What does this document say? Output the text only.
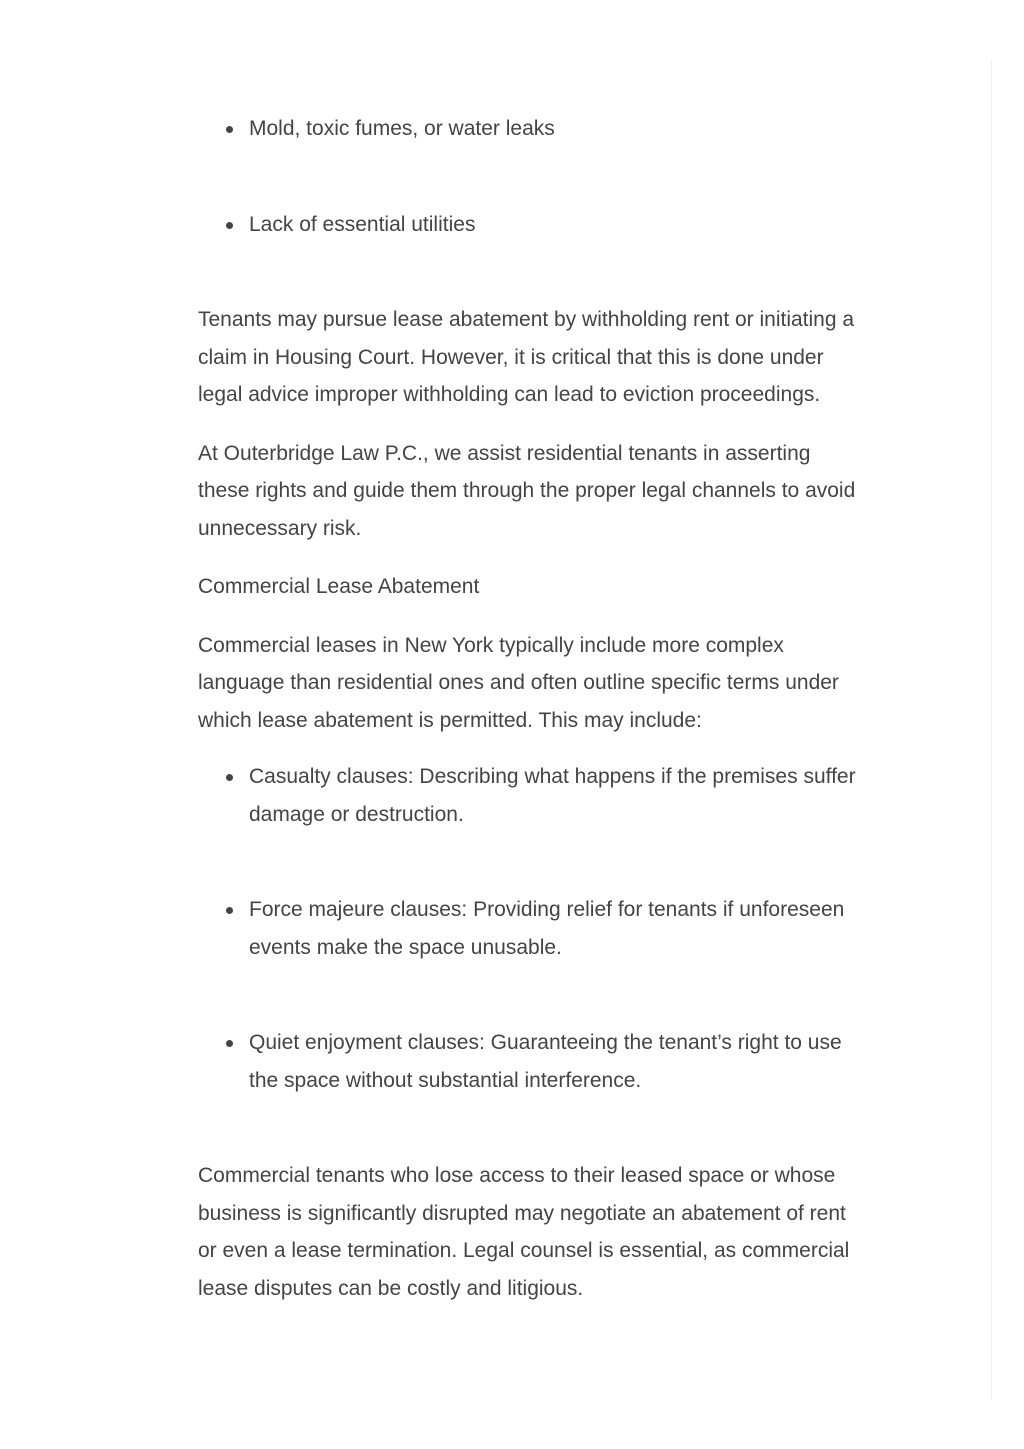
Mold, toxic fumes, or water leaks
Lack of essential utilities

Tenants may pursue lease abatement by withholding rent or initiating a claim in Housing Court. However, it is critical that this is done under legal advice improper withholding can lead to eviction proceedings.

At Outerbridge Law P.C., we assist residential tenants in asserting these rights and guide them through the proper legal channels to avoid unnecessary risk.

Commercial Lease Abatement

Commercial leases in New York typically include more complex language than residential ones and often outline specific terms under which lease abatement is permitted. This may include:

Casualty clauses: Describing what happens if the premises suffer damage or destruction.
Force majeure clauses: Providing relief for tenants if unforeseen events make the space unusable.
Quiet enjoyment clauses: Guaranteeing the tenant’s right to use the space without substantial interference.

Commercial tenants who lose access to their leased space or whose business is significantly disrupted may negotiate an abatement of rent or even a lease termination. Legal counsel is essential, as commercial lease disputes can be costly and litigious.
